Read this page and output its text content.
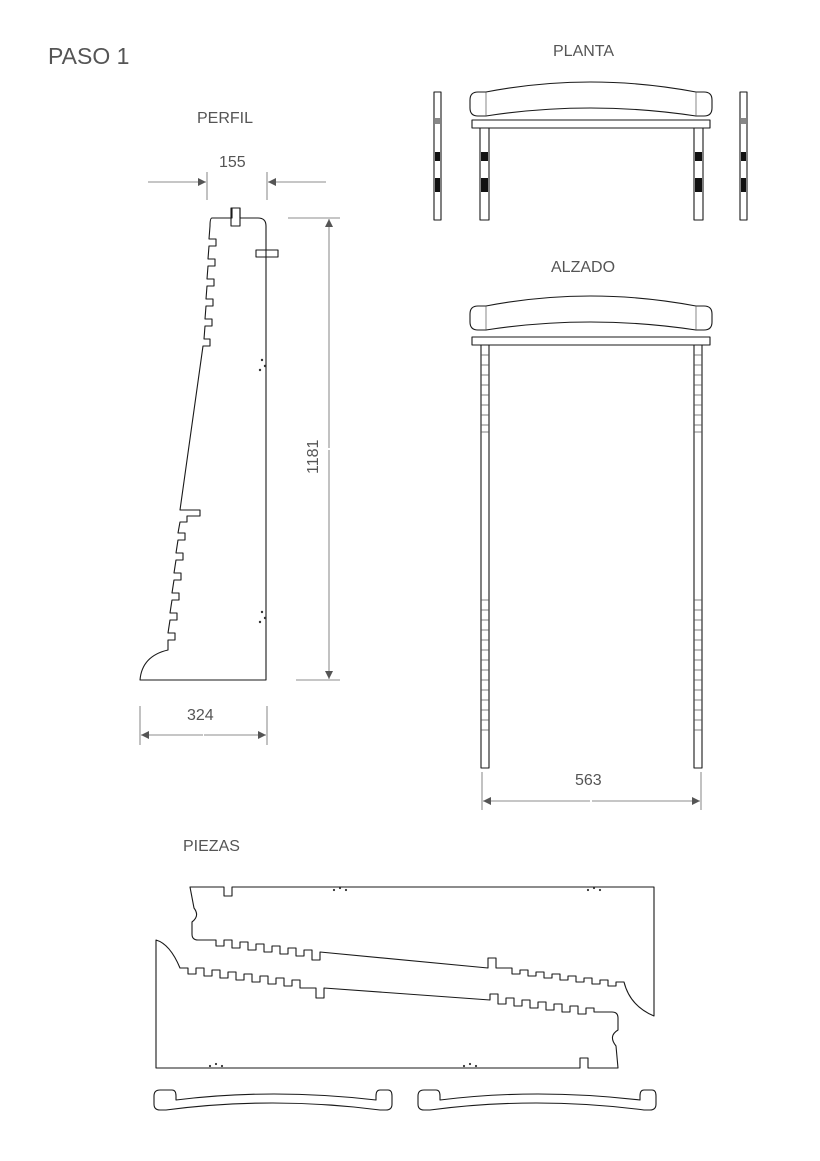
PASO 1	PLANTA
PERFIL
ALZADO
PIEZAS
155
1181
324
563
